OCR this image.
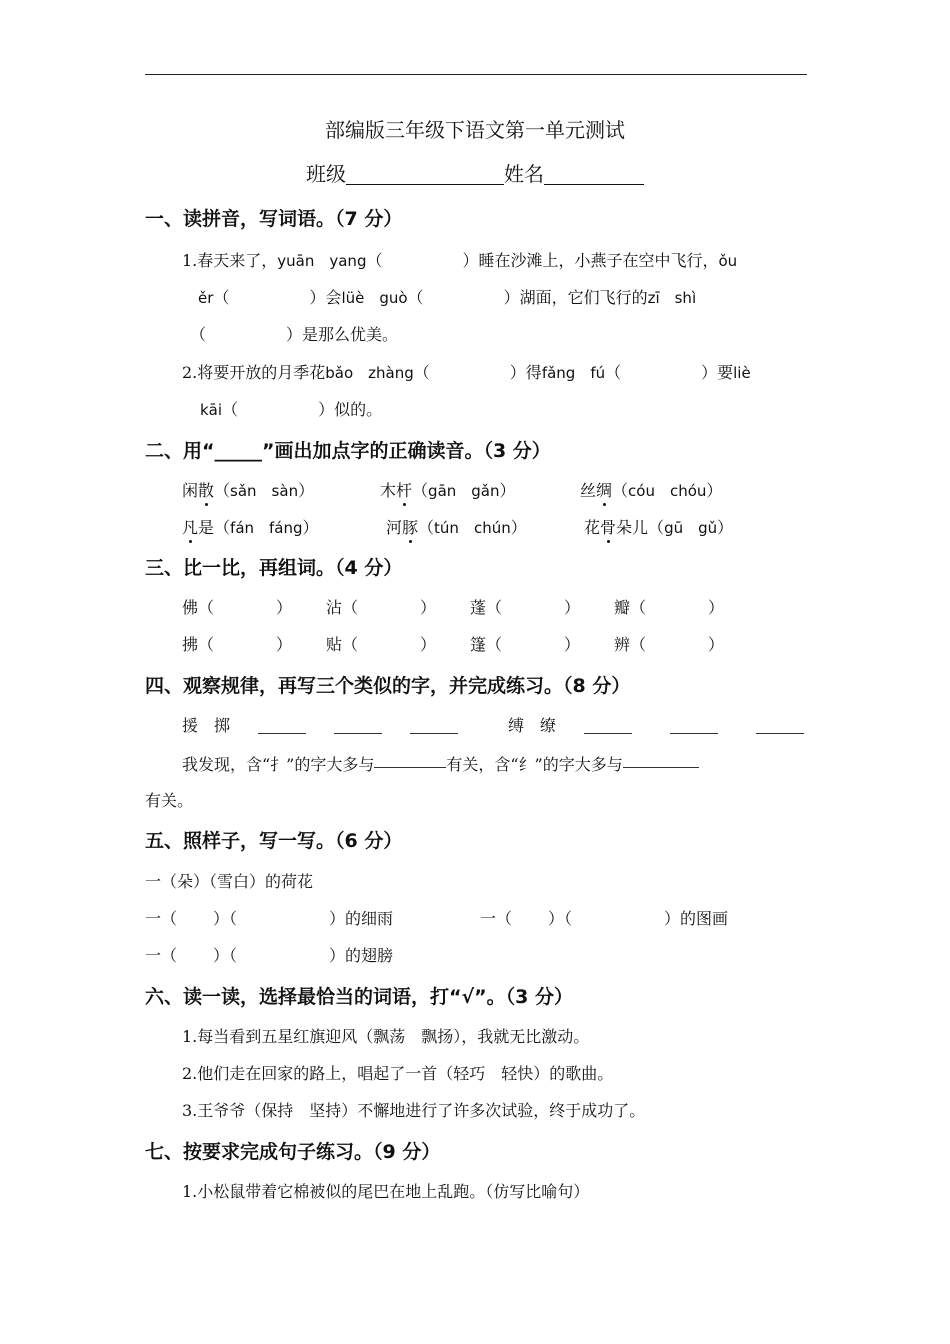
部编版三年级下语文第一单元测试
班级	姓名
一、读拼音，写词语。（7 分）
1.春天来了，yuān　yang（	）睡在沙滩上，小燕子在空中飞行，ǒu
ěr（	）会lüè　guò（	）湖面，它们飞行的zī　shì
（	）是那么优美。
2.将要开放的月季花bǎo　zhàng（	）得fǎng　fú（	）要liè
kāi（	）似的。
二、用“_____”画出加点字的正确读音。（3 分）
闲散（sǎn　sàn）	木杆（gān　gǎn）	丝绸（cóu　chóu）
凡是（fán　fáng）	河豚（tún　chún）	花骨朵儿（gū　gǔ）
三、比一比，再组词。（4 分）
佛（	） 沾（	） 蓬（	） 瓣（	）
拂（	） 贴（	） 篷（	） 辨（	）
四、观察规律，再写三个类似的字，并完成练习。（8 分）
援　掷	缚　缭
我发现，含“扌”的字大多与	有关，含“纟”的字大多与
有关。
五、照样子，写一写。（6 分）
一（朵）（雪白）的荷花
一（ ）（	）的细雨	一（ ）（	）的图画
一（ ）（	）的翅膀
六、读一读，选择最恰当的词语，打“√”。（3 分）
1.每当看到五星红旗迎风（飘荡　飘扬），我就无比激动。
2.他们走在回家的路上，唱起了一首（轻巧　轻快）的歌曲。
3.王爷爷（保持　坚持）不懈地进行了许多次试验，终于成功了。
七、按要求完成句子练习。（9 分）
1.小松鼠带着它棉被似的尾巴在地上乱跑。（仿写比喻句）
